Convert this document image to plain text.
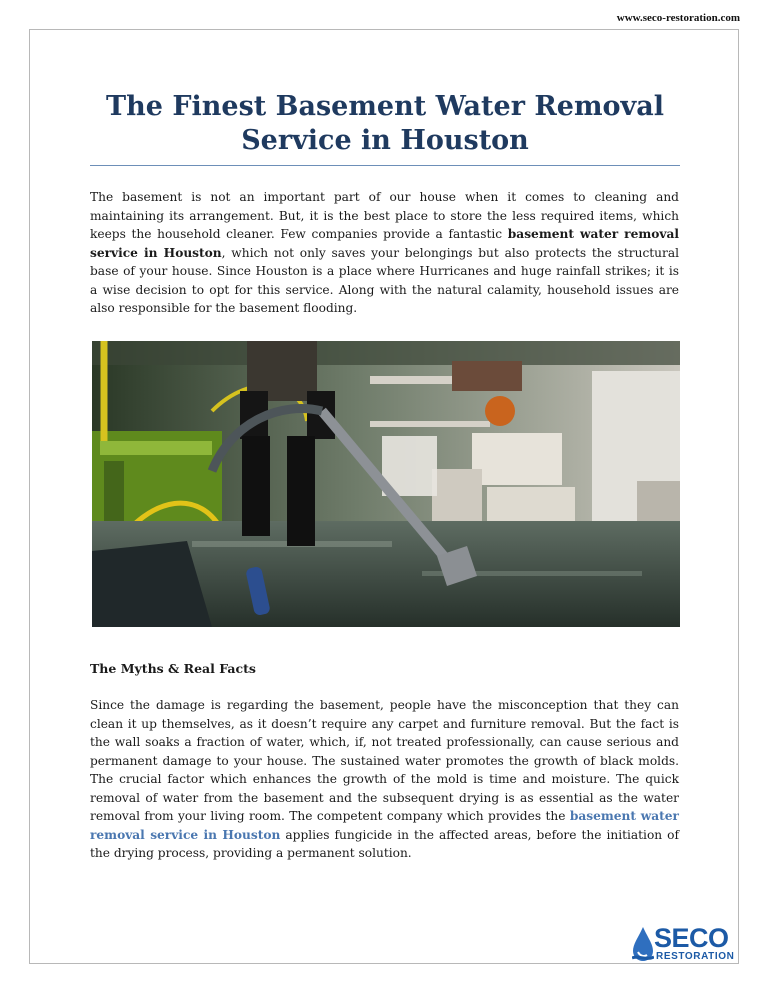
www.seco-restoration.com
The Finest Basement Water Removal Service in Houston

The basement is not an important part of our house when it comes to cleaning and maintaining its arrangement. But, it is the best place to store the less required items, which keeps the household cleaner. Few companies provide a fantastic basement water removal service in Houston, which not only saves your belongings but also protects the structural base of your house. Since Houston is a place where Hurricanes and huge rainfall strikes; it is a wise decision to opt for this service. Along with the natural calamity, household issues are also responsible for the basement flooding.

The Myths & Real Facts

Since the damage is regarding the basement, people have the misconception that they can clean it up themselves, as it doesn’t require any carpet and furniture removal. But the fact is the wall soaks a fraction of water, which, if, not treated professionally, can cause serious and permanent damage to your house. The sustained water promotes the growth of black molds. The crucial factor which enhances the growth of the mold is time and moisture. The quick removal of water from the basement and the subsequent drying is as essential as the water removal from your living room. The competent company which provides the basement water removal service in Houston applies fungicide in the affected areas, before the initiation of the drying process, providing a permanent solution.

SECO
RESTORATION
